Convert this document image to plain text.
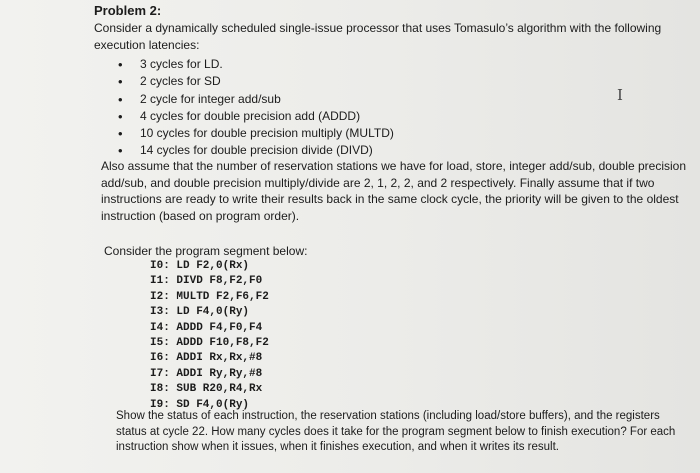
Problem 2:
Consider a dynamically scheduled single-issue processor that uses Tomasulo’s algorithm with the following execution latencies:
• 3 cycles for LD.
• 2 cycles for SD
• 2 cycle for integer add/sub
• 4 cycles for double precision add (ADDD)
• 10 cycles for double precision multiply (MULTD)
• 14 cycles for double precision divide (DIVD)
Also assume that the number of reservation stations we have for load, store, integer add/sub, double precision add/sub, and double precision multiply/divide are 2, 1, 2, 2, and 2 respectively. Finally assume that if two instructions are ready to write their results back in the same clock cycle, the priority will be given to the oldest instruction (based on program order).
Consider the program segment below:
I0: LD F2,0(Rx)
I1: DIVD F8,F2,F0
I2: MULTD F2,F6,F2
I3: LD F4,0(Ry)
I4: ADDD F4,F0,F4
I5: ADDD F10,F8,F2
I6: ADDI Rx,Rx,#8
I7: ADDI Ry,Ry,#8
I8: SUB R20,R4,Rx
I9: SD F4,0(Ry)
Show the status of each instruction, the reservation stations (including load/store buffers), and the registers status at cycle 22. How many cycles does it take for the program segment below to finish execution? For each instruction show when it issues, when it finishes execution, and when it writes its result.
I
